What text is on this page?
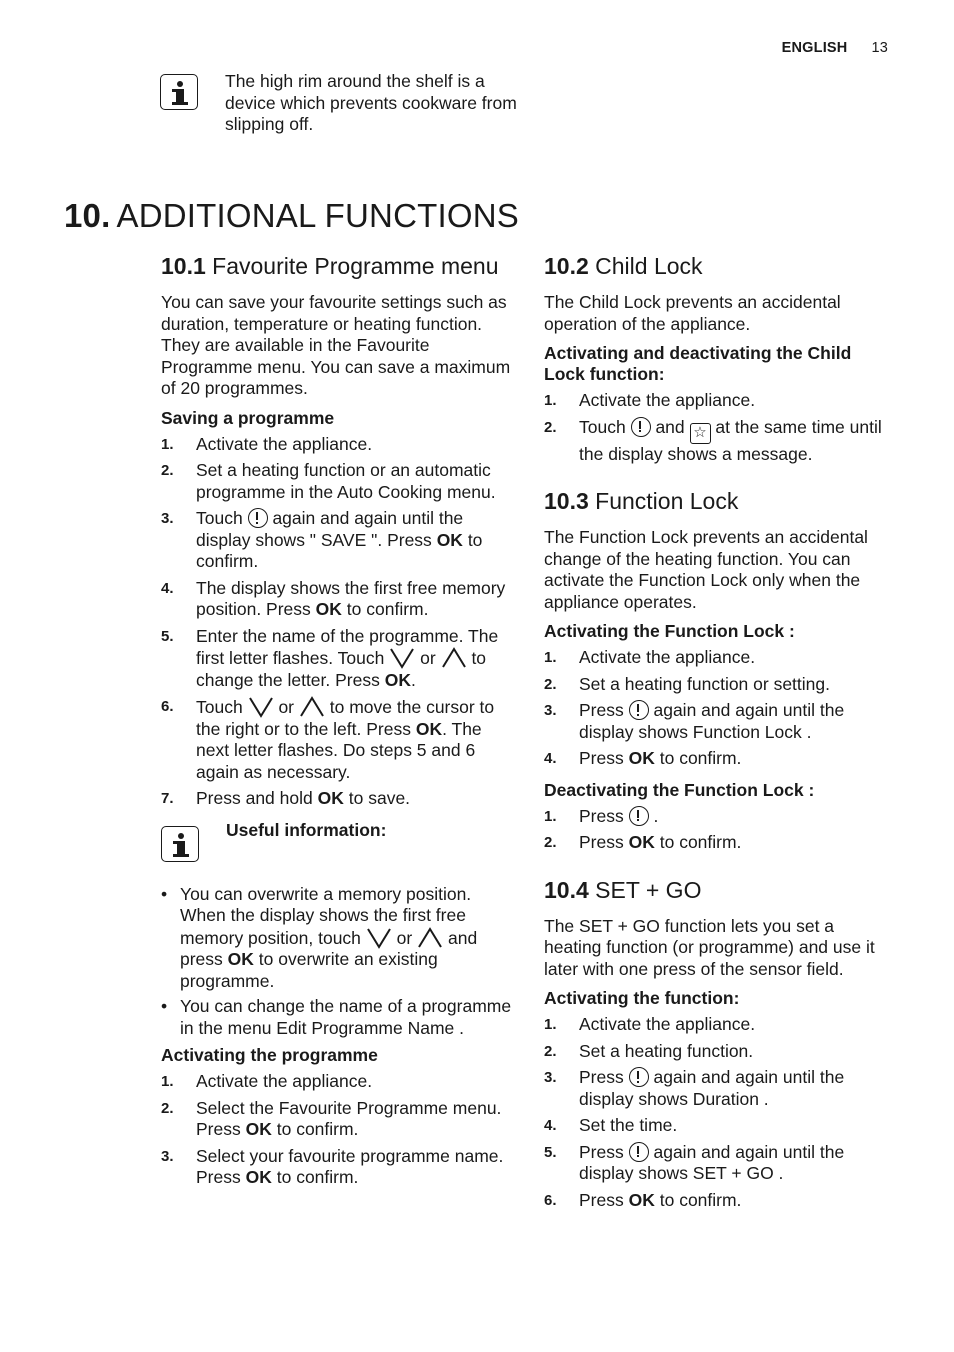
ENGLISH 13
The high rim around the shelf is a device which prevents cookware from slipping off.
10. ADDITIONAL FUNCTIONS
10.1 Favourite Programme menu

You can save your favourite settings such as duration, temperature or heating function. They are available in the Favourite Programme menu. You can save a maximum of 20 programmes.

Saving a programme
1. Activate the appliance.
2. Set a heating function or an automatic programme in the Auto Cooking menu.
3. Touch again and again until the display shows " SAVE ". Press OK to confirm.
4. The display shows the first free memory position. Press OK to confirm.
5. Enter the name of the programme. The first letter flashes. Touch or to change the letter. Press OK.
6. Touch or to move the cursor to the right or to the left. Press OK. The next letter flashes. Do steps 5 and 6 again as necessary.
7. Press and hold OK to save.
Useful information:
• You can overwrite a memory position. When the display shows the first free memory position, touch or and press OK to overwrite an existing programme.
• You can change the name of a programme in the menu Edit Programme Name .
Activating the programme
1. Activate the appliance.
2. Select the Favourite Programme menu. Press OK to confirm.
3. Select your favourite programme name. Press OK to confirm.
10.2 Child Lock

The Child Lock prevents an accidental operation of the appliance.

Activating and deactivating the Child Lock function:
1. Activate the appliance.
2. Touch and ☆ at the same time until the display shows a message.
10.3 Function Lock

The Function Lock prevents an accidental change of the heating function. You can activate the Function Lock only when the appliance operates.

Activating the Function Lock :
1. Activate the appliance.
2. Set a heating function or setting.
3. Press again and again until the display shows Function Lock .
4. Press OK to confirm.
Deactivating the Function Lock :
1. Press .
2. Press OK to confirm.
10.4 SET + GO

The SET + GO function lets you set a heating function (or programme) and use it later with one press of the sensor field.

Activating the function:
1. Activate the appliance.
2. Set a heating function.
3. Press again and again until the display shows Duration .
4. Set the time.
5. Press again and again until the display shows SET + GO .
6. Press OK to confirm.
